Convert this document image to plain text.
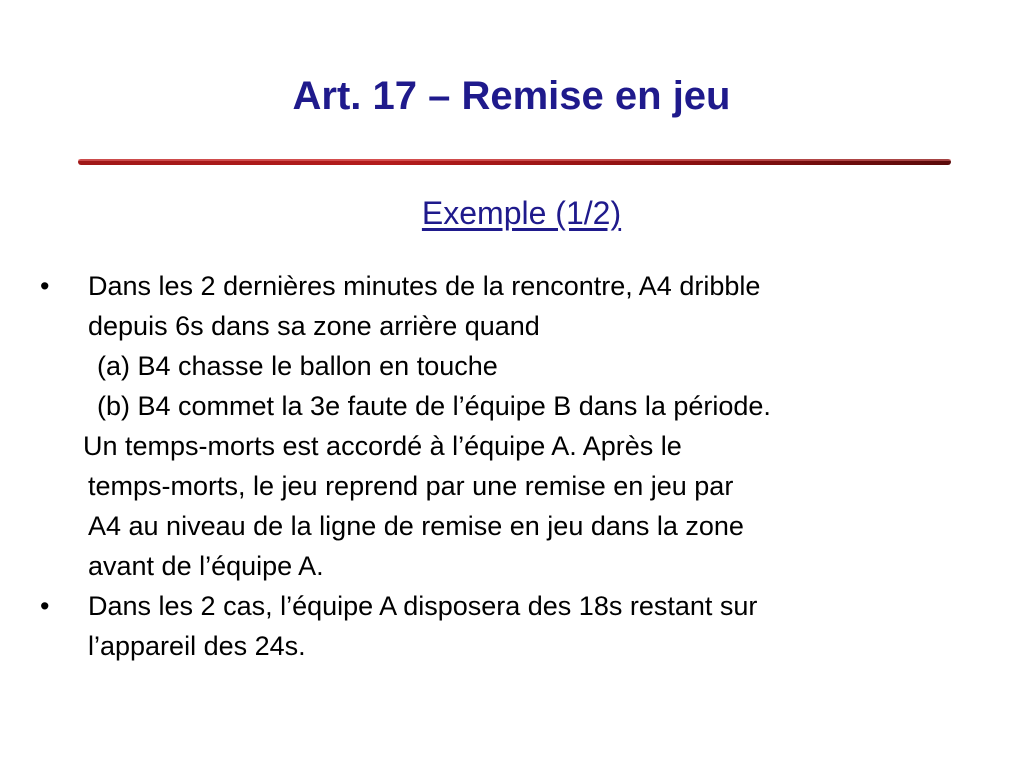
Art. 17 – Remise en jeu
Exemple (1/2)
• Dans les 2 dernières minutes de la rencontre, A4 dribble
depuis 6s dans sa zone arrière quand
(a) B4 chasse le ballon en touche
(b) B4 commet la 3e faute de l’équipe B dans la période.
Un temps-morts est accordé à l’équipe A. Après le
temps-morts, le jeu reprend par une remise en jeu par
A4 au niveau de la ligne de remise en jeu dans la zone
avant de l’équipe A.
• Dans les 2 cas, l’équipe A disposera des 18s restant sur
l’appareil des 24s.
